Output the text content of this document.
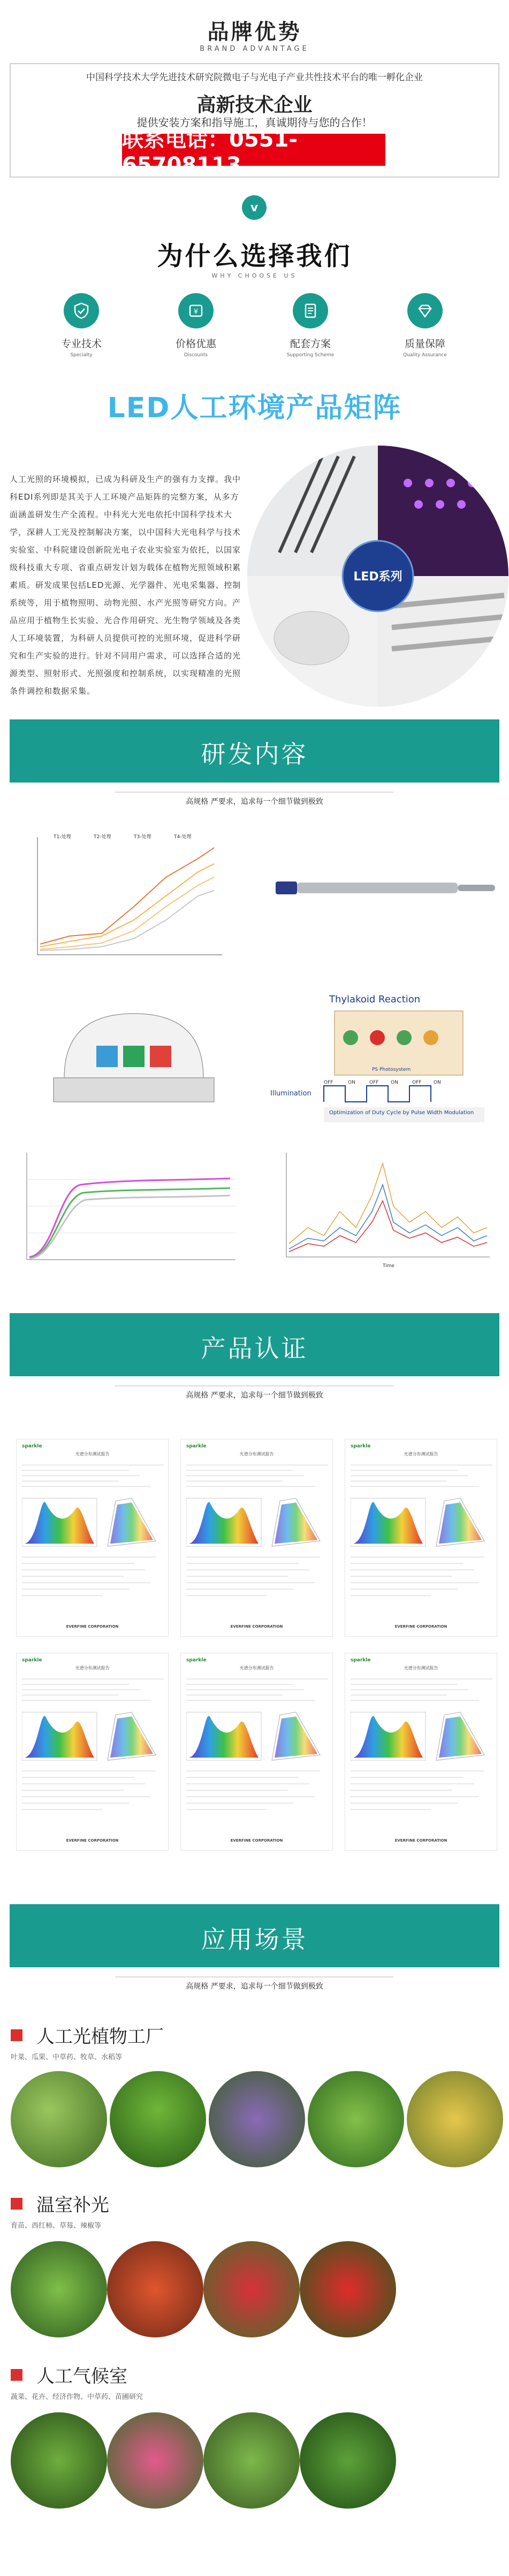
品牌优势
BRAND ADVANTAGE
中国科学技术大学先进技术研究院微电子与光电子产业共性技术平台的唯一孵化企业
高新技术企业
提供安装方案和指导施工，真诚期待与您的合作！
联系电话：0551-65708113
v
为什么选择我们
WHY CHOOSE US
专业技术
Specialty
¥
价格优惠
Discounts
配套方案
Supporting Scheme
质量保障
Quality Assurance
LED人工环境产品矩阵
人工光照的环境模拟，已成为科研及生产的强有力支撑。我中科EDI系列即是其关于人工环境产品矩阵的完整方案，从多方面涵盖研发生产全流程。中科光大光电依托中国科学技术大学，深耕人工光及控制解决方案，以中国科大光电科学与技术实验室、中科院建设创新院光电子农业实验室为依托，以国家级科技重大专项、省重点研发计划为载体在植物光照领域积累素质。研发成果包括LED光源、光学器件、光电采集器、控制系统等，用于植物照明、动物光照、水产光照等研究方向。产品应用于植物生长实验、光合作用研究、光生物学领域及各类人工环境装置，为科研人员提供可控的光照环境，促进科学研究和生产实验的进行。针对不同用户需求，可以选择合适的光源类型、照射形式、光照强度和控制系统，以实现精准的光照条件调控和数据采集。
LED系列
研发内容
高规格 严要求，追求每一个细节做到极致
T1-处理	T2-处理	T3-处理	T4-处理
Thylakoid Reaction
PS Photosystem
Illumination
OFF	ON	OFF	ON	OFF	ON
Optimization of Duty Cycle by Pulse Width Modulation
Time
产品认证
高规格 严要求，追求每一个细节做到极致
sparkle
光谱分布测试报告
EVERFINE CORPORATION
sparkle
光谱分布测试报告
EVERFINE CORPORATION
sparkle
光谱分布测试报告
EVERFINE CORPORATION
sparkle
光谱分布测试报告
EVERFINE CORPORATION
sparkle
光谱分布测试报告
EVERFINE CORPORATION
sparkle
光谱分布测试报告
EVERFINE CORPORATION
应用场景
高规格 严要求，追求每一个细节做到极致
人工光植物工厂
叶菜、瓜果、中草药、牧草、水稻等
温室补光
育苗、西红柿、草莓、辣椒等
人工气候室
蔬菜、花卉、经济作物、中草药、苗圃研究
